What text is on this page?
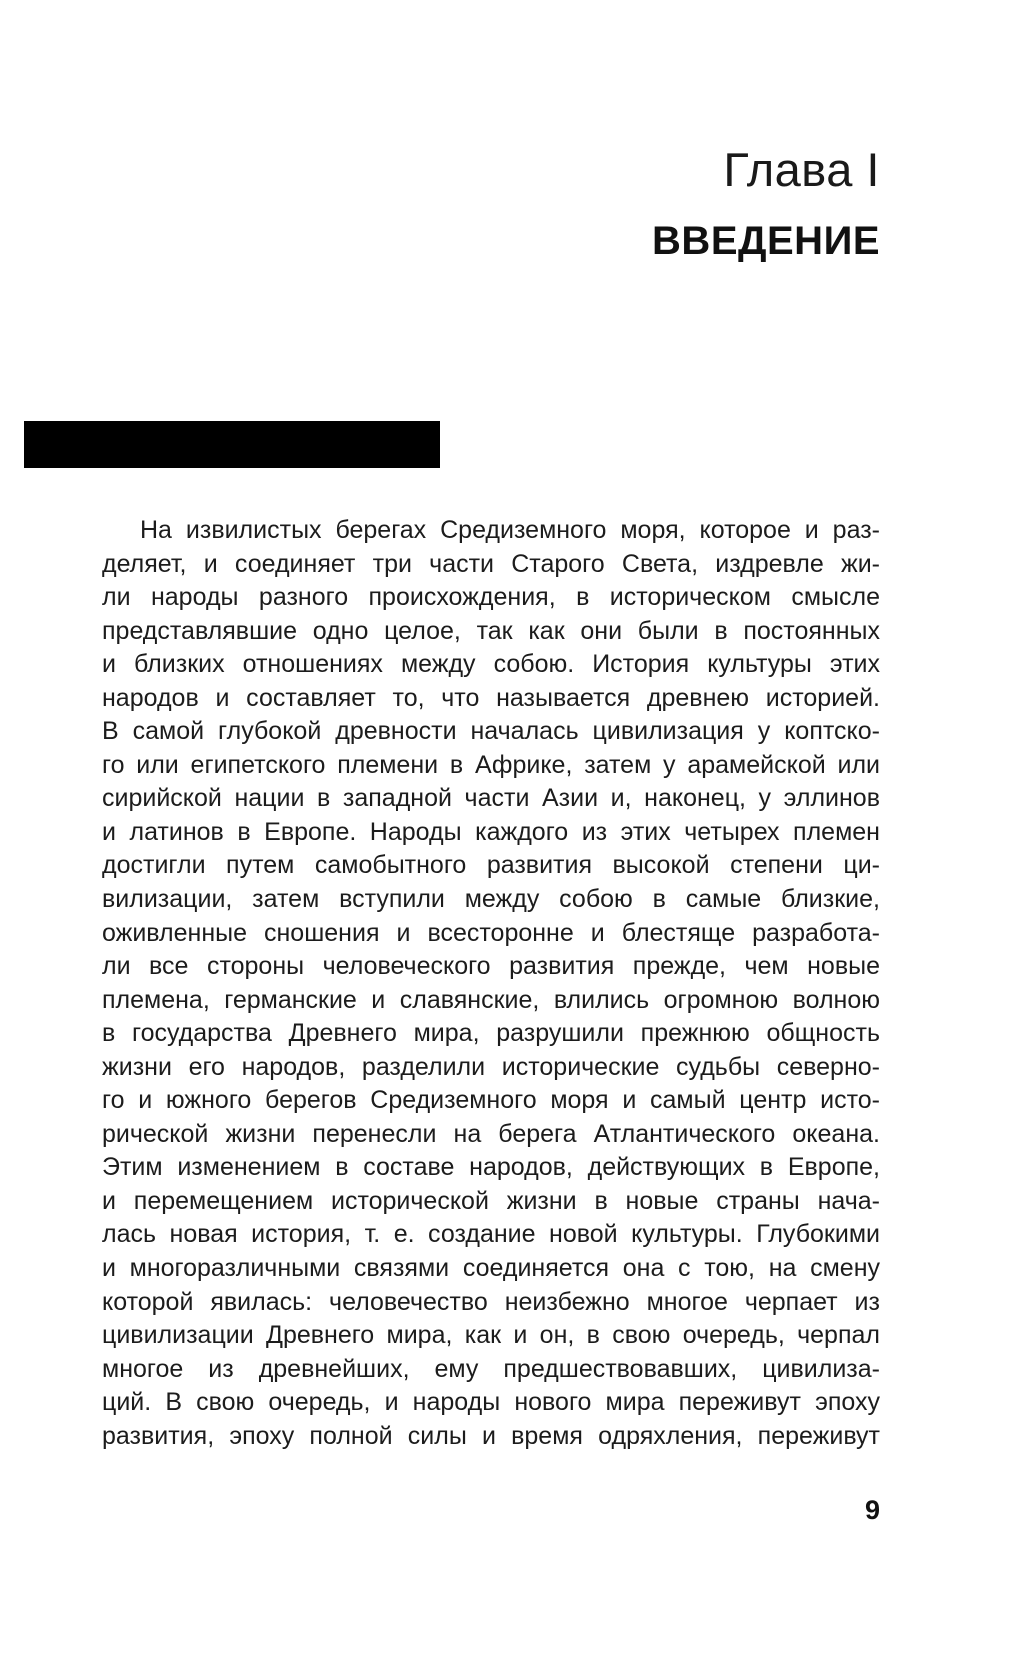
Глава I
ВВЕДЕНИЕ
На извилистых берегах Средиземного моря, которое и раз-
деляет, и соединяет три части Старого Света, издревле жи-
ли народы разного происхождения, в историческом смысле
представлявшие одно целое, так как они были в постоянных
и близких отношениях между собою. История культуры этих
народов и составляет то, что называется древнею историей.
В самой глубокой древности началась цивилизация у коптско-
го или египетского племени в Африке, затем у арамейской или
сирийской нации в западной части Азии и, наконец, у эллинов
и латинов в Европе. Народы каждого из этих четырех племен
достигли путем самобытного развития высокой степени ци-
вилизации, затем вступили между собою в самые близкие,
оживленные сношения и всесторонне и блестяще разработа-
ли все стороны человеческого развития прежде, чем новые
племена, германские и славянские, влились огромною волною
в государства Древнего мира, разрушили прежнюю общность
жизни его народов, разделили исторические судьбы северно-
го и южного берегов Средиземного моря и самый центр исто-
рической жизни перенесли на берега Атлантического океана.
Этим изменением в составе народов, действующих в Европе,
и перемещением исторической жизни в новые страны нача-
лась новая история, т. е. создание новой культуры. Глубокими
и многоразличными связями соединяется она с тою, на смену
которой явилась: человечество неизбежно многое черпает из
цивилизации Древнего мира, как и он, в свою очередь, черпал
многое из древнейших, ему предшествовавших, цивилиза-
ций. В свою очередь, и народы нового мира переживут эпоху
развития, эпоху полной силы и время одряхления, переживут
9
